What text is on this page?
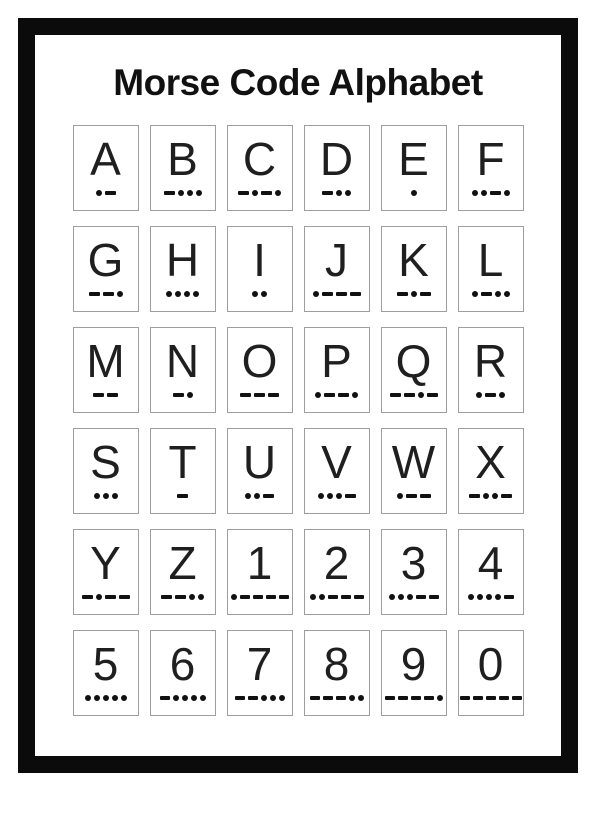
Morse Code Alphabet
A B C D E F
G H I J K L
M N O P Q R
S T U V W X
Y Z 1 2 3 4
5 6 7 8 9 0
